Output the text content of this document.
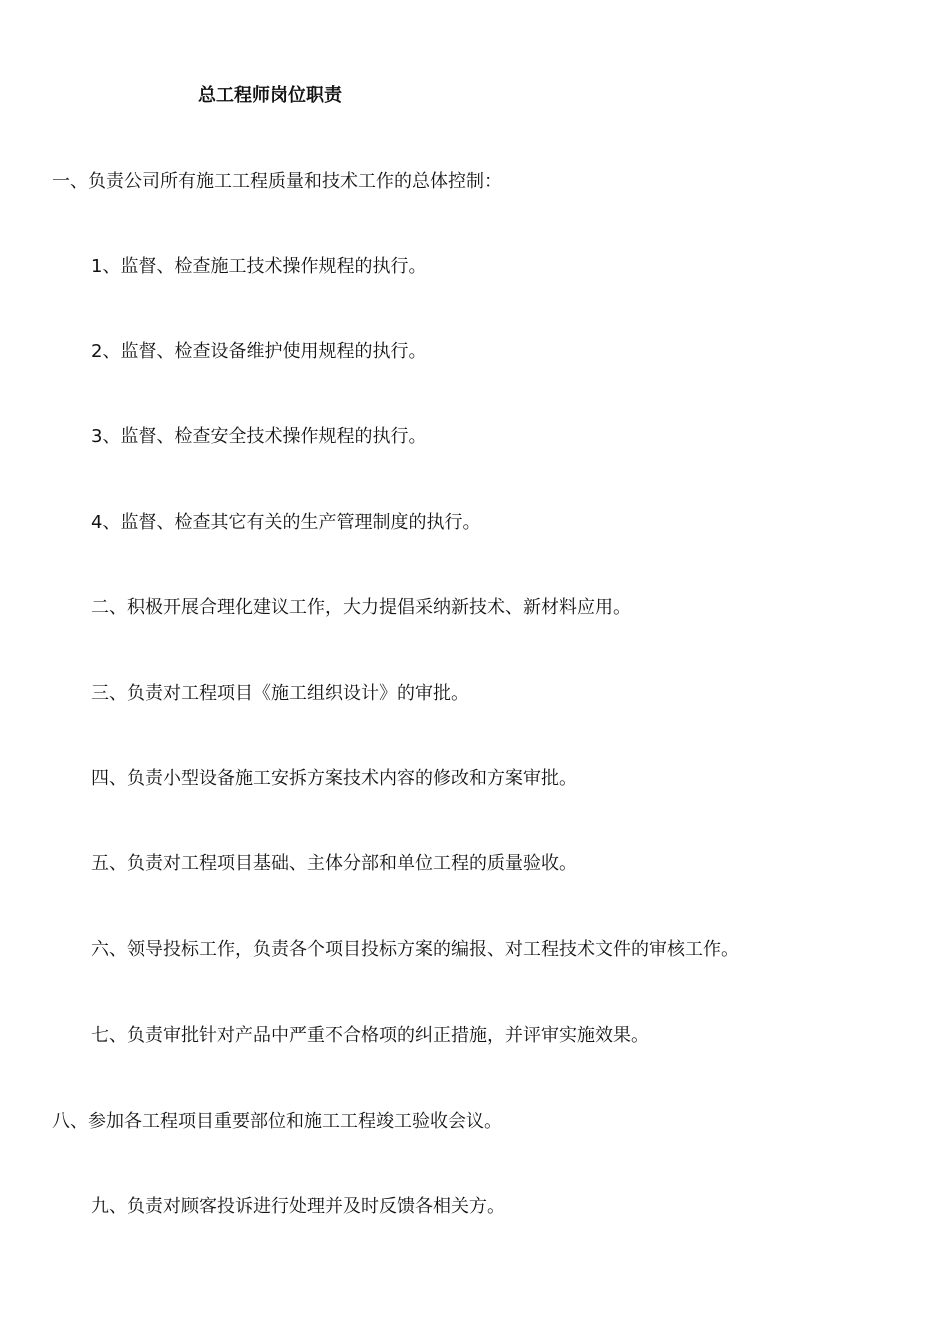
总工程师岗位职责
一、负责公司所有施工工程质量和技术工作的总体控制：
1、监督、检查施工技术操作规程的执行。
2、监督、检查设备维护使用规程的执行。
3、监督、检查安全技术操作规程的执行。
4、监督、检查其它有关的生产管理制度的执行。
二、积极开展合理化建议工作，大力提倡采纳新技术、新材料应用。
三、负责对工程项目《施工组织设计》的审批。
四、负责小型设备施工安拆方案技术内容的修改和方案审批。
五、负责对工程项目基础、主体分部和单位工程的质量验收。
六、领导投标工作，负责各个项目投标方案的编报、对工程技术文件的审核工作。
七、负责审批针对产品中严重不合格项的纠正措施，并评审实施效果。
八、参加各工程项目重要部位和施工工程竣工验收会议。
九、负责对顾客投诉进行处理并及时反馈各相关方。
